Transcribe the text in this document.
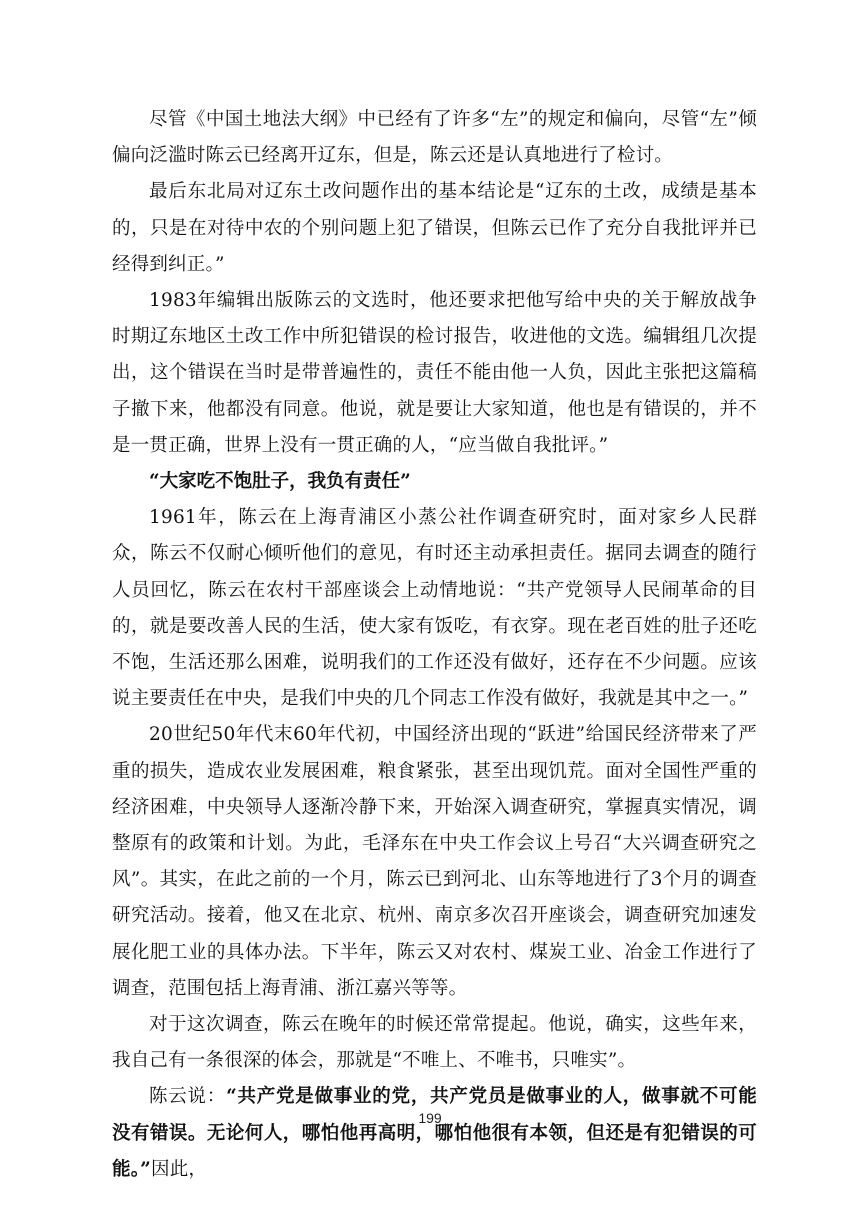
尽管《中国土地法大纲》中已经有了许多“左”的规定和偏向，尽管“左”倾偏向泛滥时陈云已经离开辽东，但是，陈云还是认真地进行了检讨。

最后东北局对辽东土改问题作出的基本结论是“辽东的土改，成绩是基本的，只是在对待中农的个别问题上犯了错误，但陈云已作了充分自我批评并已经得到纠正。”

1983年编辑出版陈云的文选时，他还要求把他写给中央的关于解放战争时期辽东地区土改工作中所犯错误的检讨报告，收进他的文选。编辑组几次提出，这个错误在当时是带普遍性的，责任不能由他一人负，因此主张把这篇稿子撤下来，他都没有同意。他说，就是要让大家知道，他也是有错误的，并不是一贯正确，世界上没有一贯正确的人，“应当做自我批评。”

“大家吃不饱肚子，我负有责任”

1961年，陈云在上海青浦区小蒸公社作调查研究时，面对家乡人民群众，陈云不仅耐心倾听他们的意见，有时还主动承担责任。据同去调查的随行人员回忆，陈云在农村干部座谈会上动情地说：“共产党领导人民闹革命的目的，就是要改善人民的生活，使大家有饭吃，有衣穿。现在老百姓的肚子还吃不饱，生活还那么困难，说明我们的工作还没有做好，还存在不少问题。应该说主要责任在中央，是我们中央的几个同志工作没有做好，我就是其中之一。”

20世纪50年代末60年代初，中国经济出现的“跃进”给国民经济带来了严重的损失，造成农业发展困难，粮食紧张，甚至出现饥荒。面对全国性严重的经济困难，中央领导人逐渐冷静下来，开始深入调查研究，掌握真实情况，调整原有的政策和计划。为此，毛泽东在中央工作会议上号召“大兴调查研究之风”。其实，在此之前的一个月，陈云已到河北、山东等地进行了3个月的调查研究活动。接着，他又在北京、杭州、南京多次召开座谈会，调查研究加速发展化肥工业的具体办法。下半年，陈云又对农村、煤炭工业、冶金工作进行了调查，范围包括上海青浦、浙江嘉兴等等。

对于这次调查，陈云在晚年的时候还常常提起。他说，确实，这些年来，我自己有一条很深的体会，那就是“不唯上、不唯书，只唯实”。

陈云说：“共产党是做事业的党，共产党员是做事业的人，做事就不可能没有错误。无论何人，哪怕他再高明，哪怕他很有本领，但还是有犯错误的可能。”因此，

199
